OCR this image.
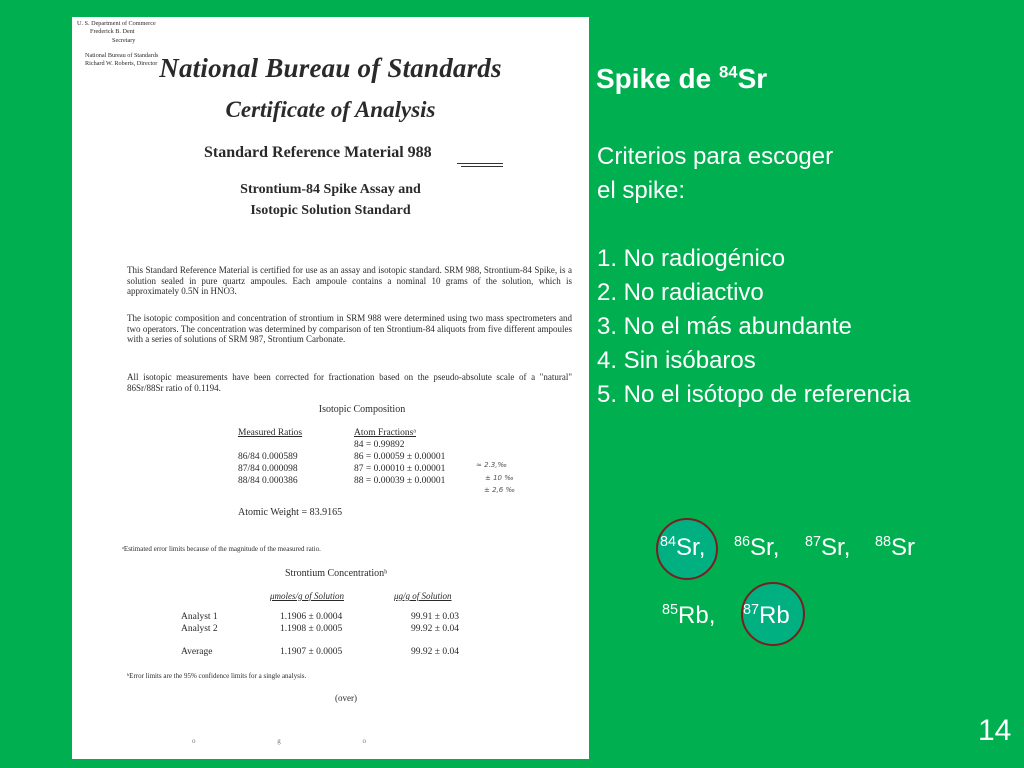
U. S. Department of Commerce
Frederick B. Dent
Secretary
National Bureau of Standards
Richard W. Roberts, Director National Bureau of Standards
Certificate of Analysis
Standard Reference Material 988
Strontium-84 Spike Assay and
Isotopic Solution Standard
This Standard Reference Material is certified for use as an assay and isotopic standard. SRM 988, Strontium-84 Spike, is a solution sealed in pure quartz ampoules. Each ampoule contains a nominal 10 grams of the solution, which is approximately 0.5N in HNO3.
The isotopic composition and concentration of strontium in SRM 988 were determined using two mass spectrometers and two operators. The concentration was determined by comparison of ten Strontium-84 aliquots from five different ampoules with a series of solutions of SRM 987, Strontium Carbonate.
All isotopic measurements have been corrected for fractionation based on the pseudo-absolute scale of a "natural" 86Sr/88Sr ratio of 0.1194.
Isotopic Composition
Measured Ratios	Atom Fractionsᵃ
86/84 0.000589
87/84 0.000098
88/84 0.000386
84 = 0.99892
86 = 0.00059 ± 0.00001
87 = 0.00010 ± 0.00001
88 = 0.00039 ± 0.00001
≈ 2.3,‰
± 10 ‰
± 2,6 ‰
Atomic Weight = 83.9165
ᵃEstimated error limits because of the magnitude of the measured ratio.
Strontium Concentrationᵇ
μmoles/g of Solution	μg/g of Solution
Analyst 1
Analyst 2
Average
1.1906 ± 0.0004
1.1908 ± 0.0005
1.1907 ± 0.0005
99.91 ± 0.03
99.92 ± 0.04
99.92 ± 0.04
ᵇError limits are the 95% confidence limits for a single analysis.
(over)
o g o
Spike de $^{84}$Sr
Criterios para escoger
el spike:
1. No radiogénico
2. No radiactivo
3. No el más abundante
4. Sin isóbaros
5. No el isótopo de referencia
$^{84}$Sr, $^{86}$Sr, $^{87}$Sr, $^{88}$Sr
$^{85}$Rb, $^{87}$Rb
14
